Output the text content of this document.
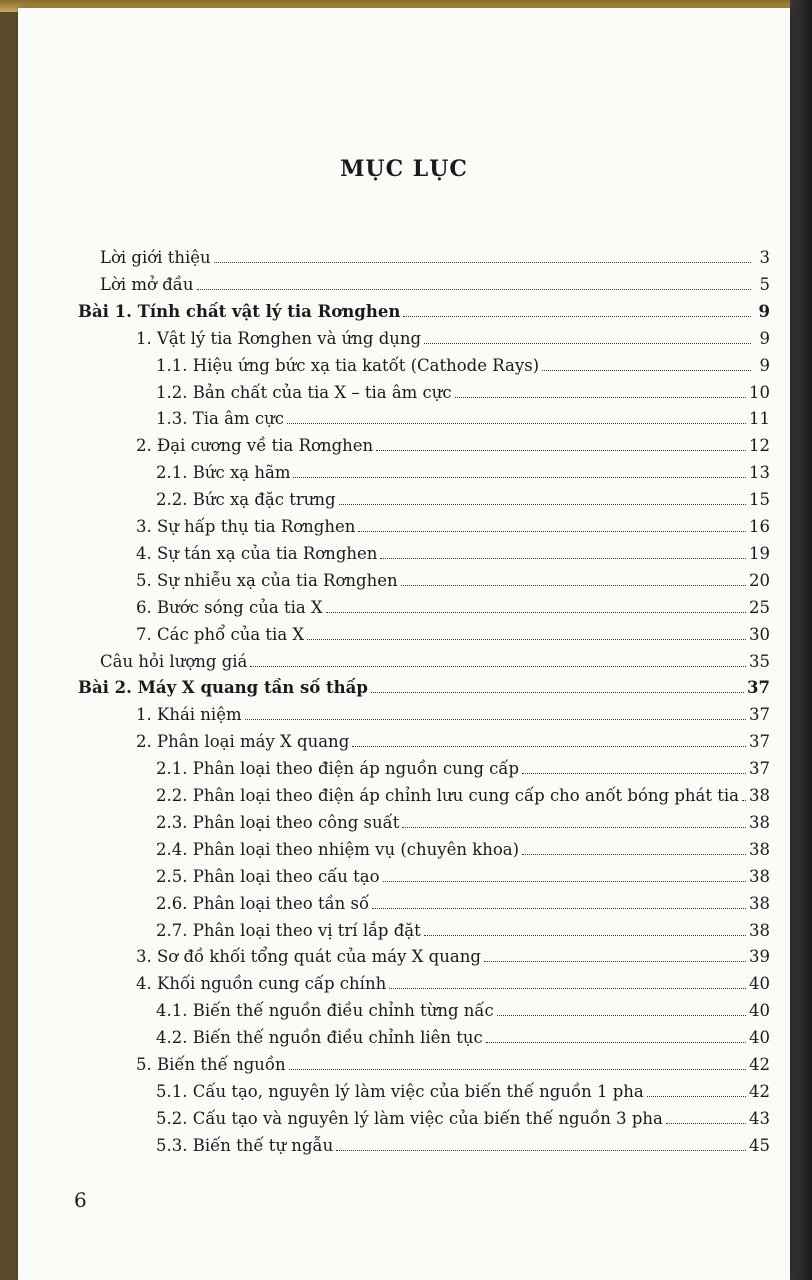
MỤC LỤC
Lời giới thiệu	3
Lời mở đầu	5
Bài 1. Tính chất vật lý tia Rơnghen	9
1. Vật lý tia Rơnghen và ứng dụng	9
1.1. Hiệu ứng bức xạ tia katốt (Cathode Rays)	9
1.2. Bản chất của tia X – tia âm cực	10
1.3. Tia âm cực	11
2. Đại cương về tia Rơnghen	12
2.1. Bức xạ hãm	13
2.2. Bức xạ đặc trưng	15
3. Sự hấp thụ tia Rơnghen	16
4. Sự tán xạ của tia Rơnghen	19
5. Sự nhiễu xạ của tia Rơnghen	20
6. Bước sóng của tia X	25
7. Các phổ của tia X	30
Câu hỏi lượng giá	35
Bài 2. Máy X quang tần số thấp	37
1. Khái niệm	37
2. Phân loại máy X quang	37
2.1. Phân loại theo điện áp nguồn cung cấp	37
2.2. Phân loại theo điện áp chỉnh lưu cung cấp cho anốt bóng phát tia 38
2.3. Phân loại theo công suất	38
2.4. Phân loại theo nhiệm vụ (chuyên khoa)	38
2.5. Phân loại theo cấu tạo	38
2.6. Phân loại theo tần số	38
2.7. Phân loại theo vị trí lắp đặt	38
3. Sơ đồ khối tổng quát của máy X quang	39
4. Khối nguồn cung cấp chính	40
4.1. Biến thế nguồn điều chỉnh từng nấc	40
4.2. Biến thế nguồn điều chỉnh liên tục	40
5. Biến thế nguồn	42
5.1. Cấu tạo, nguyên lý làm việc của biến thế nguồn 1 pha	42
5.2. Cấu tạo và nguyên lý làm việc của biến thế nguồn 3 pha	43
5.3. Biến thế tự ngẫu	45
6
